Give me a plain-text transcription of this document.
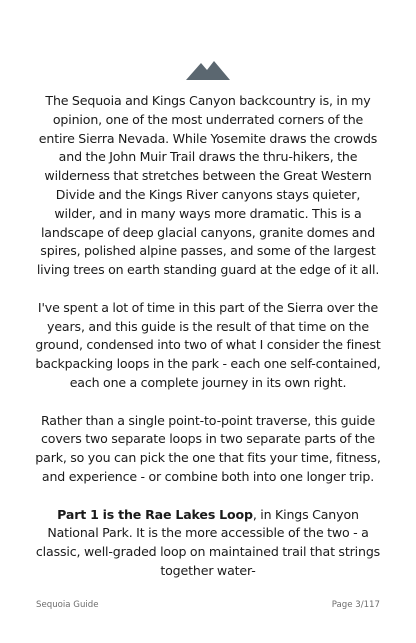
The Sequoia and Kings Canyon backcountry is, in my opinion, one of the most underrated corners of the entire Sierra Nevada. While Yosemite draws the crowds and the John Muir Trail draws the thru-hikers, the wilderness that stretches between the Great Western Divide and the Kings River canyons stays quieter, wilder, and in many ways more dramatic. This is a landscape of deep glacial canyons, granite domes and spires, polished alpine passes, and some of the largest living trees on earth standing guard at the edge of it all.

I've spent a lot of time in this part of the Sierra over the years, and this guide is the result of that time on the ground, condensed into two of what I consider the finest backpacking loops in the park - each one self-contained, each one a complete journey in its own right.

Rather than a single point-to-point traverse, this guide covers two separate loops in two separate parts of the park, so you can pick the one that fits your time, fitness, and experience - or combine both into one longer trip.

Part 1 is the Rae Lakes Loop, in Kings Canyon National Park. It is the more accessible of the two - a classic, well-graded loop on maintained trail that strings together water-

Sequoia Guide	Page 3/117
